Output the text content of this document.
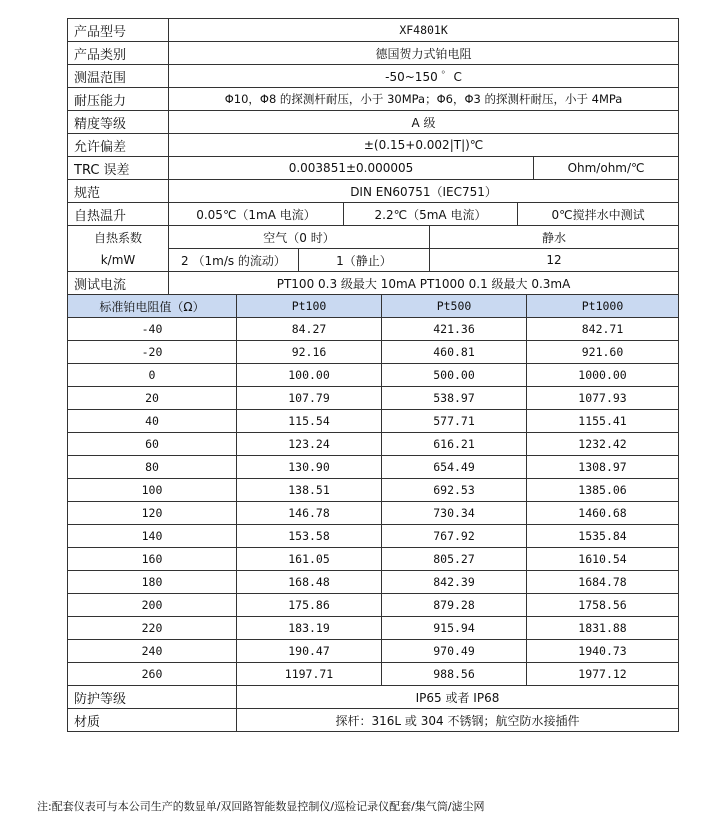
产品型号	XF4801K					
产品类别	德国贺力式铂电阻					
测温范围	-50~150 ゜C					
耐压能力	Φ10，Φ8 的探测杆耐压，小于 30MPa；Φ6，Φ3 的探测杆耐压，小于 4MPa					
精度等级	A 级					
允许偏差	±(0.15+0.002|T|)℃					
TRC 误差	0.003851±0.000005					Ohm/ohm/℃
规范	DIN EN60751（IEC751）					
自热温升	0.05℃（1mA 电流）		2.2℃（5mA 电流）		0℃搅拌水中测试	
自热系数	空气（0 时）			静水		
k/mW	2 （1m/s 的流动）	1（静止）		12		
测试电流	PT100 0.3 级最大 10mA PT1000 0.1 级最大 0.3mA					
标准铂电阻值（Ω）	Pt100	Pt500	Pt1000
-40	84.27	421.36	842.71
-20	92.16	460.81	921.60
0	100.00	500.00	1000.00
20	107.79	538.97	1077.93
40	115.54	577.71	1155.41
60	123.24	616.21	1232.42
80	130.90	654.49	1308.97
100	138.51	692.53	1385.06
120	146.78	730.34	1460.68
140	153.58	767.92	1535.84
160	161.05	805.27	1610.54
180	168.48	842.39	1684.78
200	175.86	879.28	1758.56
220	183.19	915.94	1831.88
240	190.47	970.49	1940.73
260	1197.71	988.56	1977.12
防护等级	IP65 或者 IP68		
材质	探杆：316L 或 304 不锈钢；航空防水接插件		
注:配套仪表可与本公司生产的数显单/双回路智能数显控制仪/巡检记录仪配套/集气筒/滤尘网
